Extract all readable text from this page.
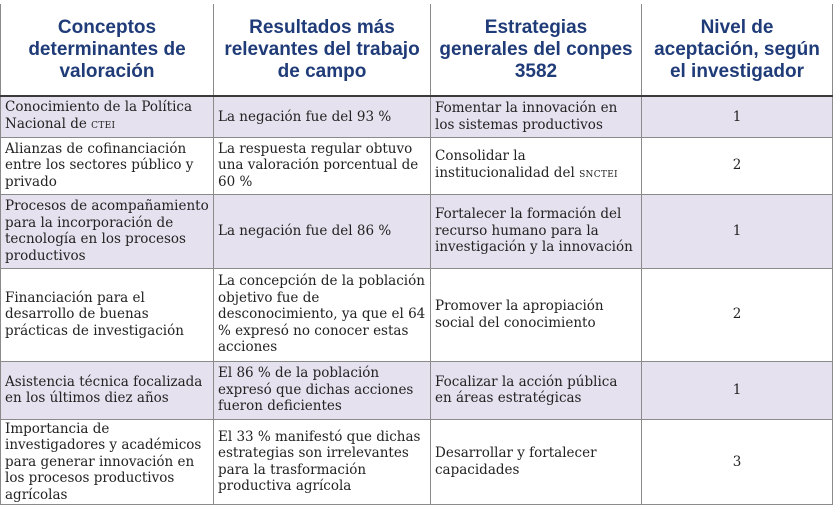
Conceptos determinantes de valoración	Resultados más relevantes del trabajo de campo	Estrategias generales del conpes 3582	Nivel de aceptación, según el investigador
Conocimiento de la Política Nacional de CTEI	La negación fue del 93 %	Fomentar la innovación en los sistemas productivos	1
Alianzas de cofinanciación entre los sectores público y privado	La respuesta regular obtuvo una valoración porcentual de 60 %	Consolidar la institucionalidad del SNCTEI	2
Procesos de acompañamiento para la incorporación de tecnología en los procesos productivos	La negación fue del 86 %	Fortalecer la formación del recurso humano para la investigación y la innovación	1
Financiación para el desarrollo de buenas prácticas de investigación	La concepción de la población objetivo fue de desconocimiento, ya que el 64 % expresó no conocer estas acciones	Promover la apropiación social del conocimiento	2
Asistencia técnica focalizada en los últimos diez años	El 86 % de la población expresó que dichas acciones fueron deficientes	Focalizar la acción pública en áreas estratégicas	1
Importancia de investigadores y académicos para generar innovación en los procesos productivos agrícolas	El 33 % manifestó que dichas estrategias son irrelevantes para la trasformación productiva agrícola	Desarrollar y fortalecer capacidades	3
